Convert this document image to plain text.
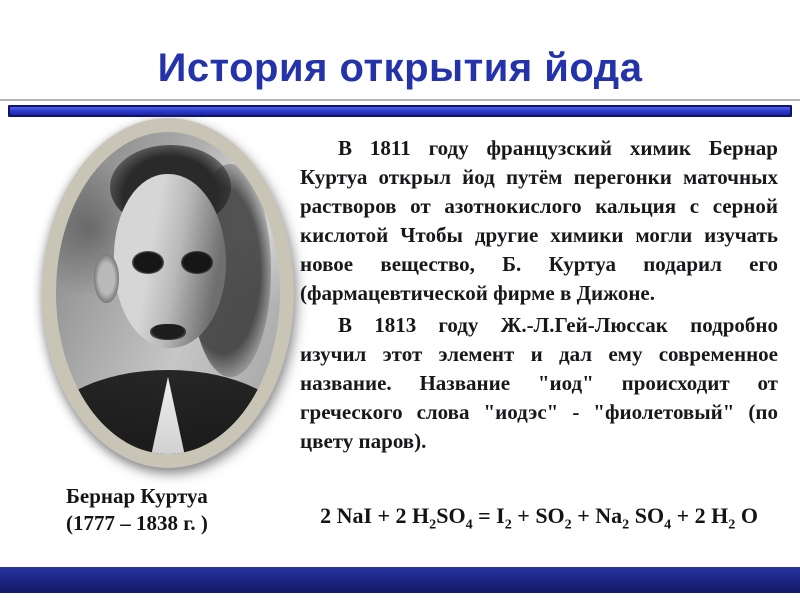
История открытия йода
Бернар Куртуа
(1777 – 1838 г. )

В 1811 году французский химик Бернар Куртуа открыл йод путём перегонки маточных растворов от азотнокислого кальция с серной кислотой Чтобы другие химики могли изучать новое вещество, Б. Куртуа подарил его (фармацевтической фирме в Дижоне.

В 1813 году Ж.-Л.Гей-Люссак подробно изучил этот элемент и дал ему современное название. Название "иод" происходит от греческого слова "иодэс" - "фиолетовый" (по цвету паров).

2 NaI + 2 $H_2SO_4 = I_2 + SO_2 + Na_2$ $SO_4 + 2$ $H_2$ O
